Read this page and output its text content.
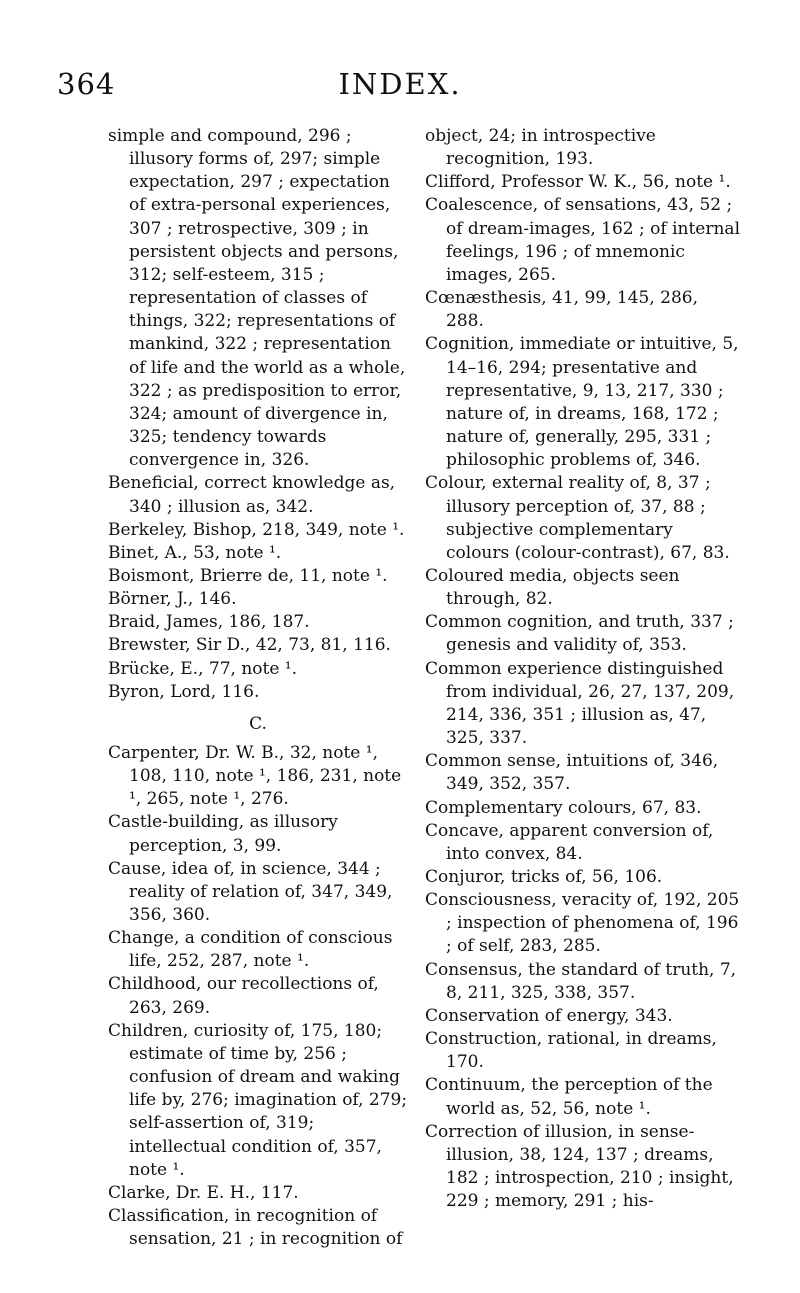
364	INDEX.

simple and compound, 296 ; illusory forms of, 297; simple expectation, 297 ; expectation of extra-personal experiences, 307 ; retrospective, 309 ; in persistent objects and persons, 312; self-esteem, 315 ; representation of classes of things, 322; representations of mankind, 322 ; representation of life and the world as a whole, 322 ; as predisposition to error, 324; amount of divergence in, 325; tendency towards convergence in, 326.

Beneficial, correct knowledge as, 340 ; illusion as, 342.

Berkeley, Bishop, 218, 349, note ¹.

Binet, A., 53, note ¹.

Boismont, Brierre de, 11, note ¹.

Börner, J., 146.

Braid, James, 186, 187.

Brewster, Sir D., 42, 73, 81, 116.

Brücke, E., 77, note ¹.

Byron, Lord, 116.

C.

Carpenter, Dr. W. B., 32, note ¹, 108, 110, note ¹, 186, 231, note ¹, 265, note ¹, 276.

Castle-building, as illusory perception, 3, 99.

Cause, idea of, in science, 344 ; reality of relation of, 347, 349, 356, 360.

Change, a condition of conscious life, 252, 287, note ¹.

Childhood, our recollections of, 263, 269.

Children, curiosity of, 175, 180; estimate of time by, 256 ; confusion of dream and waking life by, 276; imagination of, 279; self-assertion of, 319; intellectual condition of, 357, note ¹.

Clarke, Dr. E. H., 117.

Classification, in recognition of sensation, 21 ; in recognition of

object, 24; in introspective recognition, 193.

Clifford, Professor W. K., 56, note ¹.

Coalescence, of sensations, 43, 52 ; of dream-images, 162 ; of internal feelings, 196 ; of mnemonic images, 265.

Cœnæsthesis, 41, 99, 145, 286, 288.

Cognition, immediate or intuitive, 5, 14–16, 294; presentative and representative, 9, 13, 217, 330 ; nature of, in dreams, 168, 172 ; nature of, generally, 295, 331 ; philosophic problems of, 346.

Colour, external reality of, 8, 37 ; illusory perception of, 37, 88 ; subjective complementary colours (colour-contrast), 67, 83.

Coloured media, objects seen through, 82.

Common cognition, and truth, 337 ; genesis and validity of, 353.

Common experience distinguished from individual, 26, 27, 137, 209, 214, 336, 351 ; illusion as, 47, 325, 337.

Common sense, intuitions of, 346, 349, 352, 357.

Complementary colours, 67, 83.

Concave, apparent conversion of, into convex, 84.

Conjuror, tricks of, 56, 106.

Consciousness, veracity of, 192, 205 ; inspection of phenomena of, 196 ; of self, 283, 285.

Consensus, the standard of truth, 7, 8, 211, 325, 338, 357.

Conservation of energy, 343.

Construction, rational, in dreams, 170.

Continuum, the perception of the world as, 52, 56, note ¹.

Correction of illusion, in sense-illusion, 38, 124, 137 ; dreams, 182 ; introspection, 210 ; insight, 229 ; memory, 291 ; his-
